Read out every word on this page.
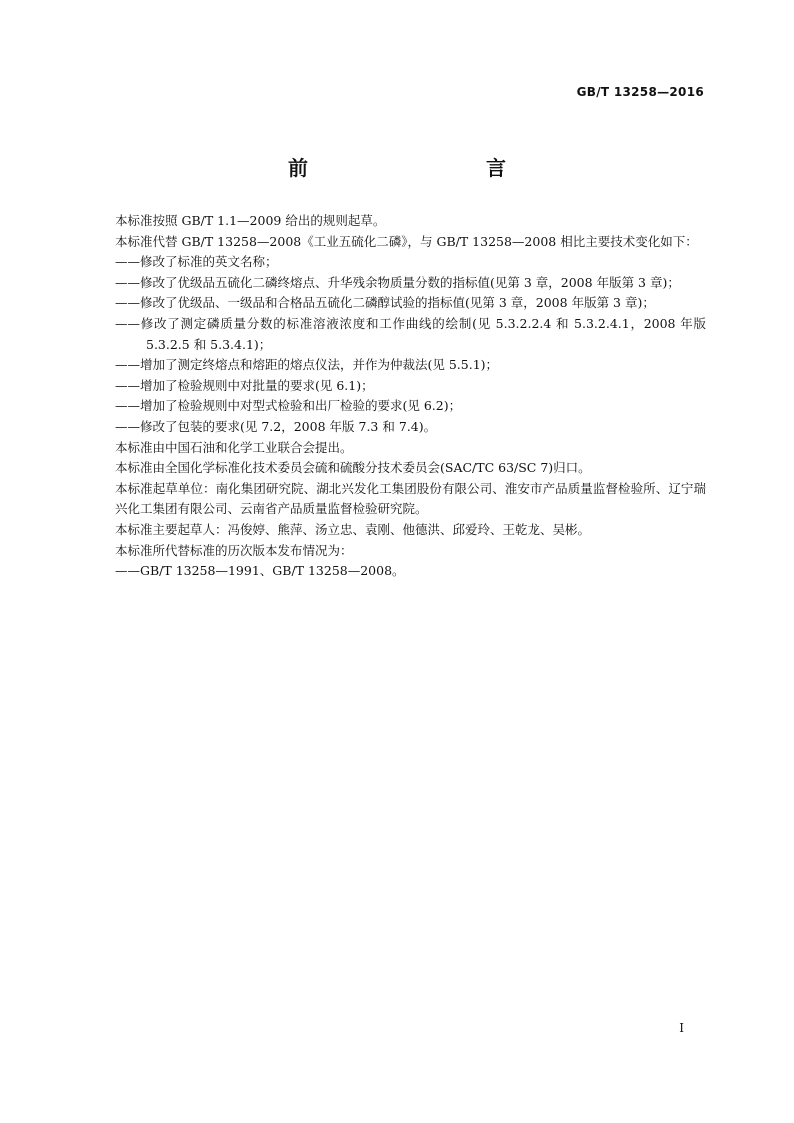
GB/T 13258—2016
前　　言

本标准按照 GB/T 1.1—2009 给出的规则起草。

本标准代替 GB/T 13258—2008《工业五硫化二磷》，与 GB/T 13258—2008 相比主要技术变化如下：

——修改了标准的英文名称；

——修改了优级品五硫化二磷终熔点、升华残余物质量分数的指标值(见第 3 章，2008 年版第 3 章)；

——修改了优级品、一级品和合格品五硫化二磷醇试验的指标值(见第 3 章，2008 年版第 3 章)；

——修改了测定磷质量分数的标准溶液浓度和工作曲线的绘制(见 5.3.2.2.4 和 5.3.2.4.1，2008 年版 5.3.2.5 和 5.3.4.1)；

——增加了测定终熔点和熔距的熔点仪法，并作为仲裁法(见 5.5.1)；

——增加了检验规则中对批量的要求(见 6.1)；

——增加了检验规则中对型式检验和出厂检验的要求(见 6.2)；

——修改了包装的要求(见 7.2，2008 年版 7.3 和 7.4)。

本标准由中国石油和化学工业联合会提出。

本标准由全国化学标准化技术委员会硫和硫酸分技术委员会(SAC/TC 63/SC 7)归口。

本标准起草单位：南化集团研究院、湖北兴发化工集团股份有限公司、淮安市产品质量监督检验所、辽宁瑞兴化工集团有限公司、云南省产品质量监督检验研究院。

本标准主要起草人：冯俊婷、熊萍、汤立忠、袁刚、他德洪、邱爱玲、王乾龙、吴彬。

本标准所代替标准的历次版本发布情况为：

——GB/T 13258—1991、GB/T 13258—2008。

I
